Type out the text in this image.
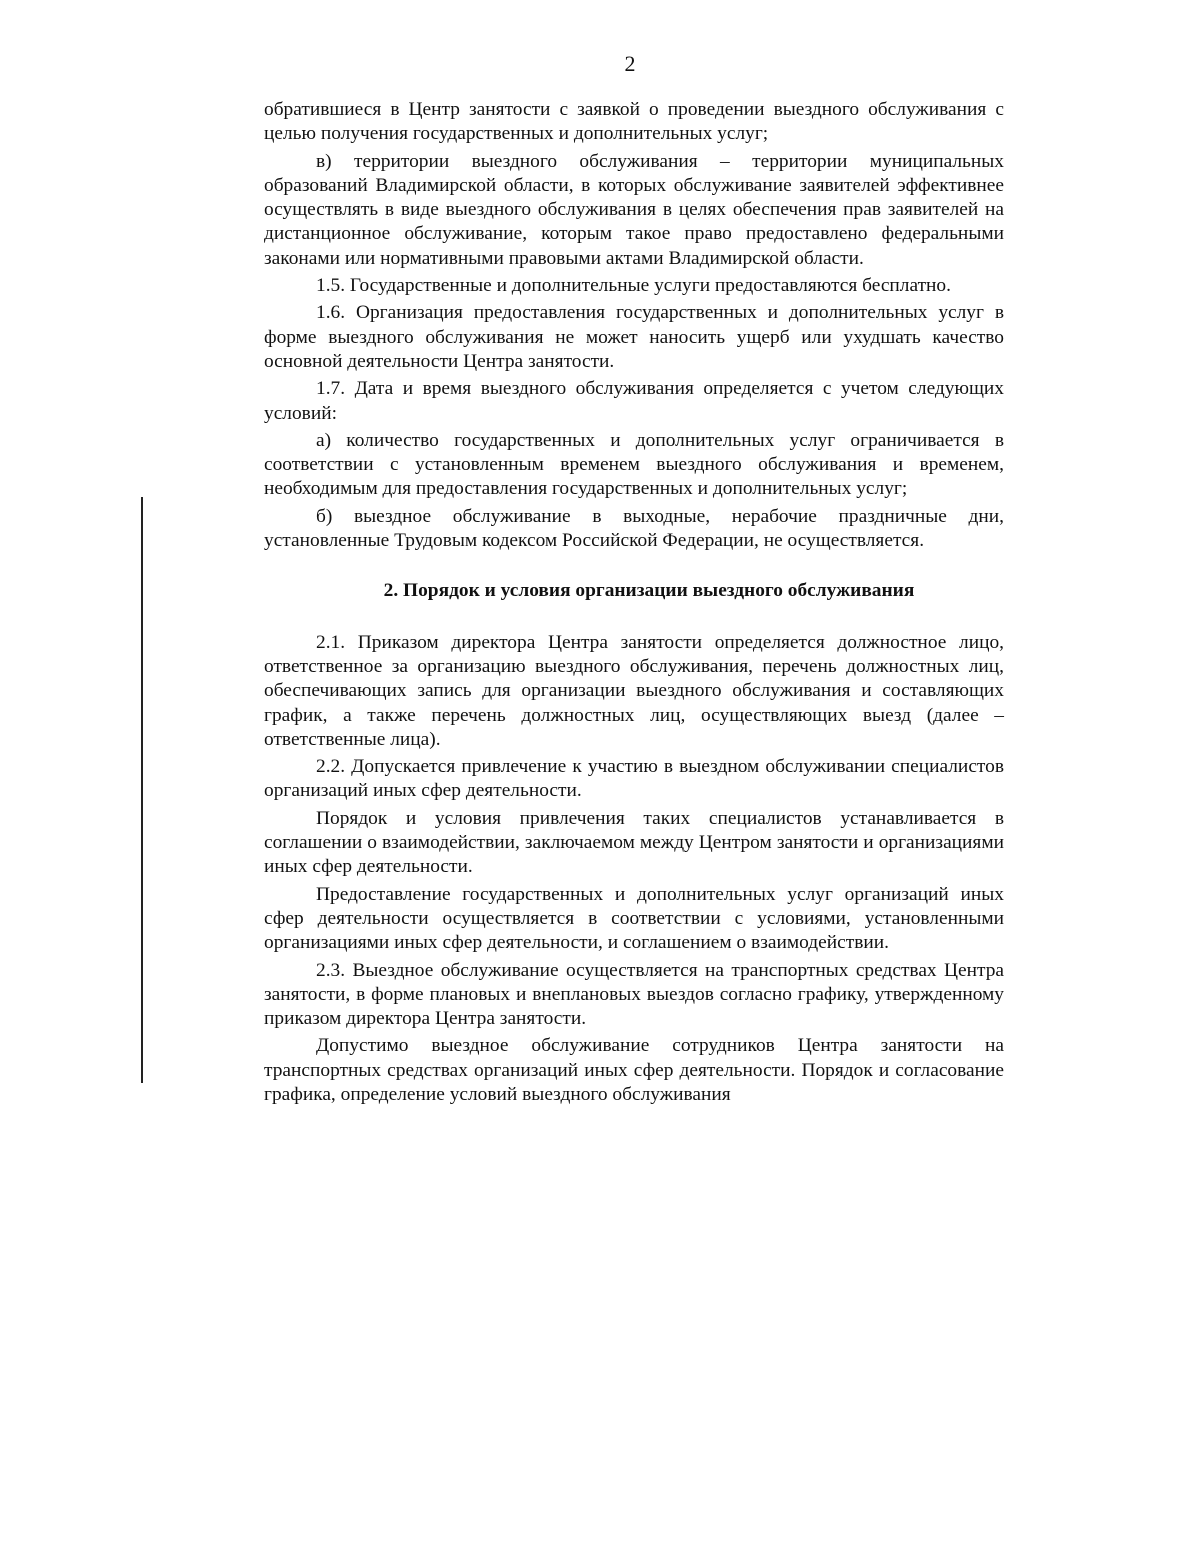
2

обратившиеся в Центр занятости с заявкой о проведении выездного обслуживания с целью получения государственных и дополнительных услуг;

в) территории выездного обслуживания – территории муниципальных образований Владимирской области, в которых обслуживание заявителей эффективнее осуществлять в виде выездного обслуживания в целях обеспечения прав заявителей на дистанционное обслуживание, которым такое право предоставлено федеральными законами или нормативными правовыми актами Владимирской области.

1.5. Государственные и дополнительные услуги предоставляются бесплатно.

1.6. Организация предоставления государственных и дополнительных услуг в форме выездного обслуживания не может наносить ущерб или ухудшать качество основной деятельности Центра занятости.

1.7. Дата и время выездного обслуживания определяется с учетом следующих условий:

а) количество государственных и дополнительных услуг ограничивается в соответствии с установленным временем выездного обслуживания и временем, необходимым для предоставления государственных и дополнительных услуг;

б) выездное обслуживание в выходные, нерабочие праздничные дни, установленные Трудовым кодексом Российской Федерации, не осуществляется.

2. Порядок и условия организации выездного обслуживания

2.1. Приказом директора Центра занятости определяется должностное лицо, ответственное за организацию выездного обслуживания, перечень должностных лиц, обеспечивающих запись для организации выездного обслуживания и составляющих график, а также перечень должностных лиц, осуществляющих выезд (далее – ответственные лица).

2.2. Допускается привлечение к участию в выездном обслуживании специалистов организаций иных сфер деятельности.

Порядок и условия привлечения таких специалистов устанавливается в соглашении о взаимодействии, заключаемом между Центром занятости и организациями иных сфер деятельности.

Предоставление государственных и дополнительных услуг организаций иных сфер деятельности осуществляется в соответствии с условиями, установленными организациями иных сфер деятельности, и соглашением о взаимодействии.

2.3. Выездное обслуживание осуществляется на транспортных средствах Центра занятости, в форме плановых и внеплановых выездов согласно графику, утвержденному приказом директора Центра занятости.

Допустимо выездное обслуживание сотрудников Центра занятости на транспортных средствах организаций иных сфер деятельности. Порядок и согласование графика, определение условий выездного обслуживания
